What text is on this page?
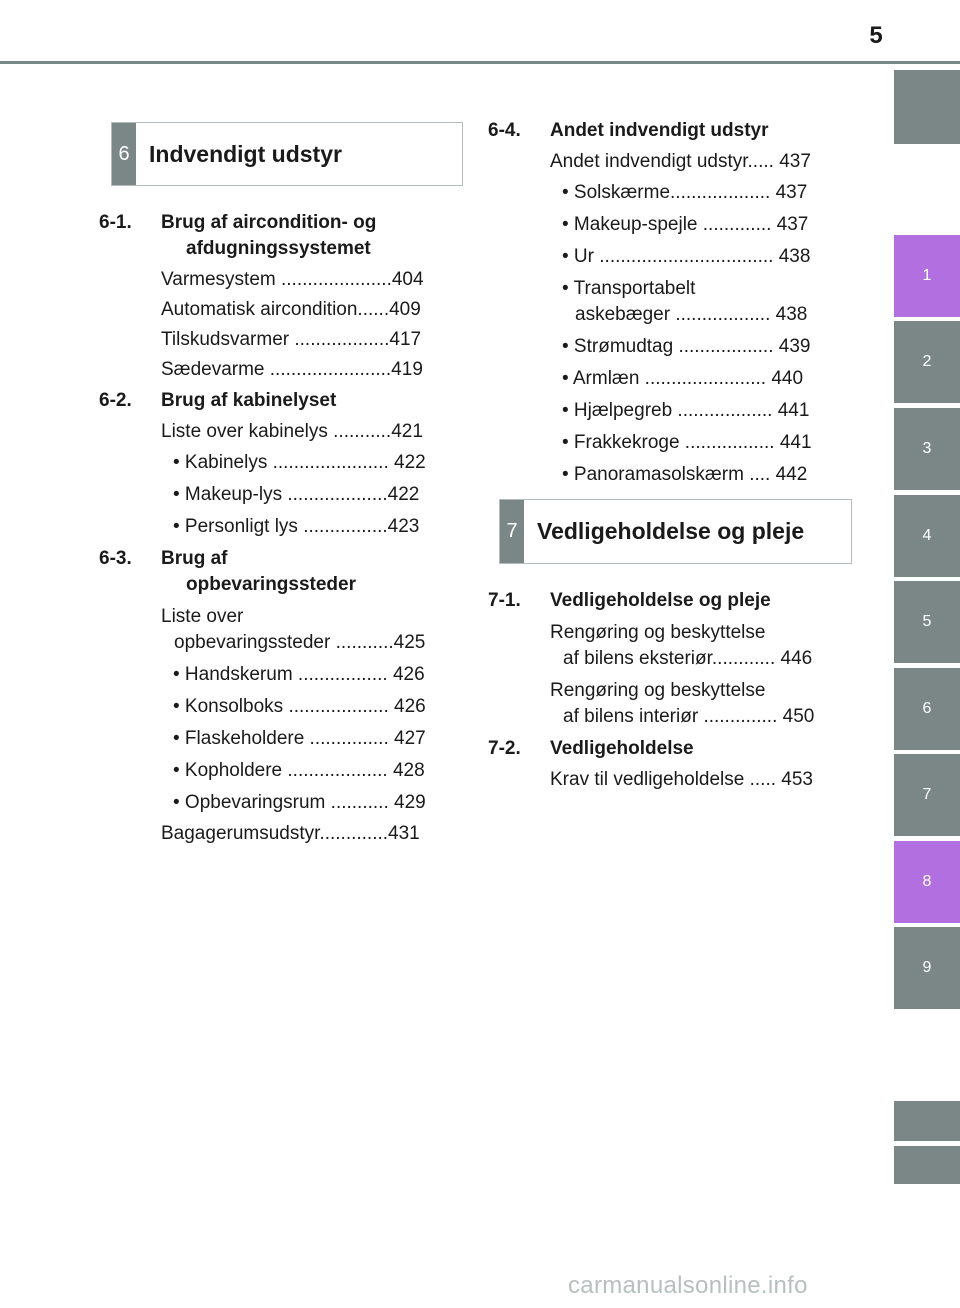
5
1
2
3
4
5
6
7
8
9
6 Indvendigt udstyr
6-1. Brug af aircondition- og
afdugningssystemet
Varmesystem .....................404
Automatisk aircondition......409
Tilskudsvarmer ..................417
Sædevarme .......................419
6-2. Brug af kabinelyset
Liste over kabinelys ...........421
• Kabinelys ...................... 422
• Makeup-lys ...................422
• Personligt lys ................423
6-3. Brug af
opbevaringssteder
Liste over
opbevaringssteder ...........425
• Handskerum ................. 426
• Konsolboks ................... 426
• Flaskeholdere ............... 427
• Kopholdere ................... 428
• Opbevaringsrum ........... 429
Bagagerumsudstyr.............431
6-4. Andet indvendigt udstyr
Andet indvendigt udstyr..... 437
• Solskærme................... 437
• Makeup-spejle ............. 437
• Ur ................................. 438
• Transportabelt
askebæger .................. 438
• Strømudtag .................. 439
• Armlæn ....................... 440
• Hjælpegreb .................. 441
• Frakkekroge ................. 441
• Panoramasolskærm .... 442
7 Vedligeholdelse og pleje
7-1. Vedligeholdelse og pleje
Rengøring og beskyttelse
af bilens eksteriør............ 446
Rengøring og beskyttelse
af bilens interiør .............. 450
7-2. Vedligeholdelse
Krav til vedligeholdelse ..... 453
carmanualsonline.info
